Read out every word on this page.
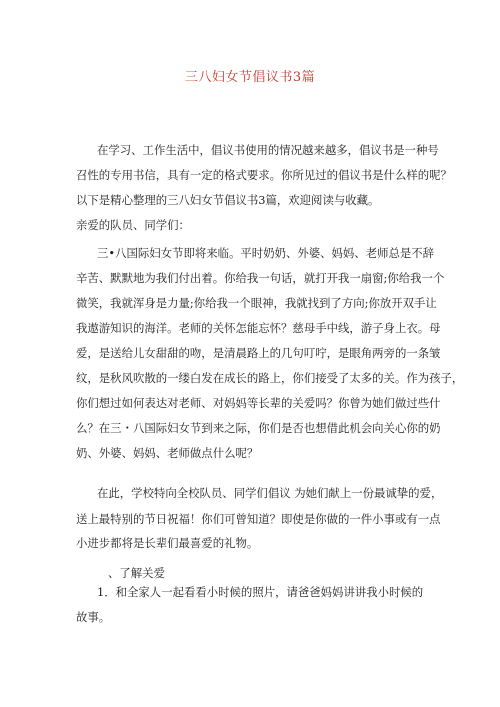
三八妇女节倡议书3篇
在学习、工作生活中，倡议书使用的情况越来越多，倡议书是一种号
召性的专用书信，具有一定的格式要求。你所见过的倡议书是什么样的呢？
以下是精心整理的三八妇女节倡议书3篇，欢迎阅读与收藏。
亲爱的队员、同学们：
三•八国际妇女节即将来临。平时奶奶、外婆、妈妈、老师总是不辞
辛苦、默默地为我们付出着。你给我一句话，就打开我一扇窗;你给我一个
微笑，我就浑身是力量;你给我一个眼神，我就找到了方向;你放开双手让
我遨游知识的海洋。老师的关怀怎能忘怀？慈母手中线，游子身上衣。母
爱，是送给儿女甜甜的吻，是清晨路上的几句叮咛，是眼角两旁的一条皱
纹，是秋风吹散的一缕白发在成长的路上，你们接受了太多的关。作为孩子，
你们想过如何表达对老师、对妈妈等长辈的关爱吗？你曾为她们做过些什
么？在三・八国际妇女节到来之际，你们是否也想借此机会向关心你的奶
奶、外婆、妈妈、老师做点什么呢？
在此，学校特向全校队员、同学们倡议 为她们献上一份最诚挚的爱，
送上最特别的节日祝福！你们可曾知道？即使是你做的一件小事或有一点
小进步都将是长辈们最喜爱的礼物。
、了解关爱
1．和全家人一起看看小时候的照片，请爸爸妈妈讲讲我小时候的
故事。
